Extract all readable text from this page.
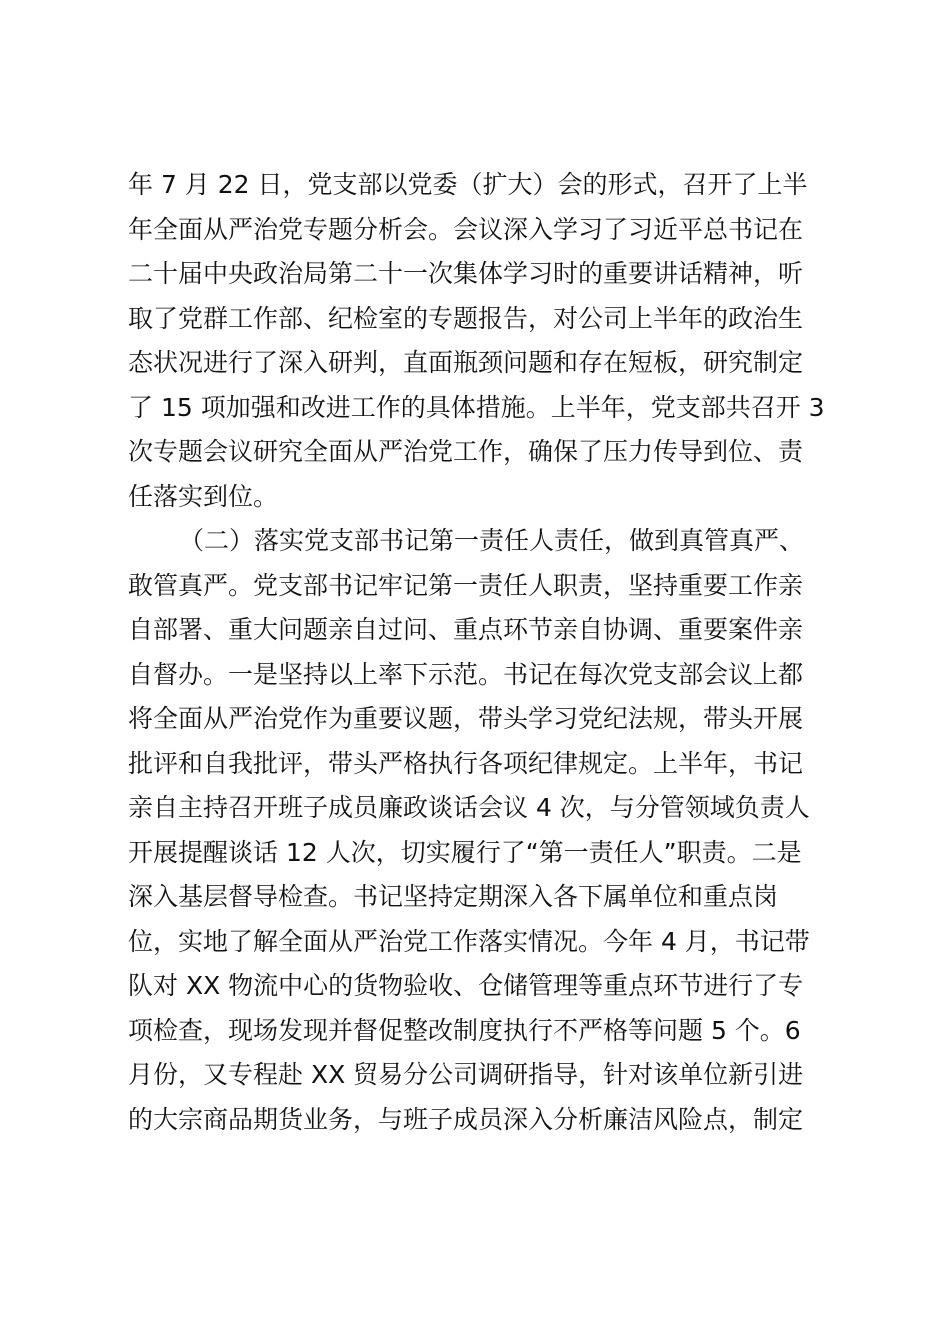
年 7 月 22 日，党支部以党委（扩大）会的形式，召开了上半
年全面从严治党专题分析会。会议深入学习了习近平总书记在
二十届中央政治局第二十一次集体学习时的重要讲话精神，听
取了党群工作部、纪检室的专题报告，对公司上半年的政治生
态状况进行了深入研判，直面瓶颈问题和存在短板，研究制定
了 15 项加强和改进工作的具体措施。上半年，党支部共召开 3
次专题会议研究全面从严治党工作，确保了压力传导到位、责
任落实到位。
（二）落实党支部书记第一责任人责任，做到真管真严、
敢管真严。党支部书记牢记第一责任人职责，坚持重要工作亲
自部署、重大问题亲自过问、重点环节亲自协调、重要案件亲
自督办。一是坚持以上率下示范。书记在每次党支部会议上都
将全面从严治党作为重要议题，带头学习党纪法规，带头开展
批评和自我批评，带头严格执行各项纪律规定。上半年，书记
亲自主持召开班子成员廉政谈话会议 4 次，与分管领域负责人
开展提醒谈话 12 人次，切实履行了“第一责任人”职责。二是
深入基层督导检查。书记坚持定期深入各下属单位和重点岗
位，实地了解全面从严治党工作落实情况。今年 4 月，书记带
队对 XX 物流中心的货物验收、仓储管理等重点环节进行了专
项检查，现场发现并督促整改制度执行不严格等问题 5 个。6
月份，又专程赴 XX 贸易分公司调研指导，针对该单位新引进
的大宗商品期货业务，与班子成员深入分析廉洁风险点，制定
